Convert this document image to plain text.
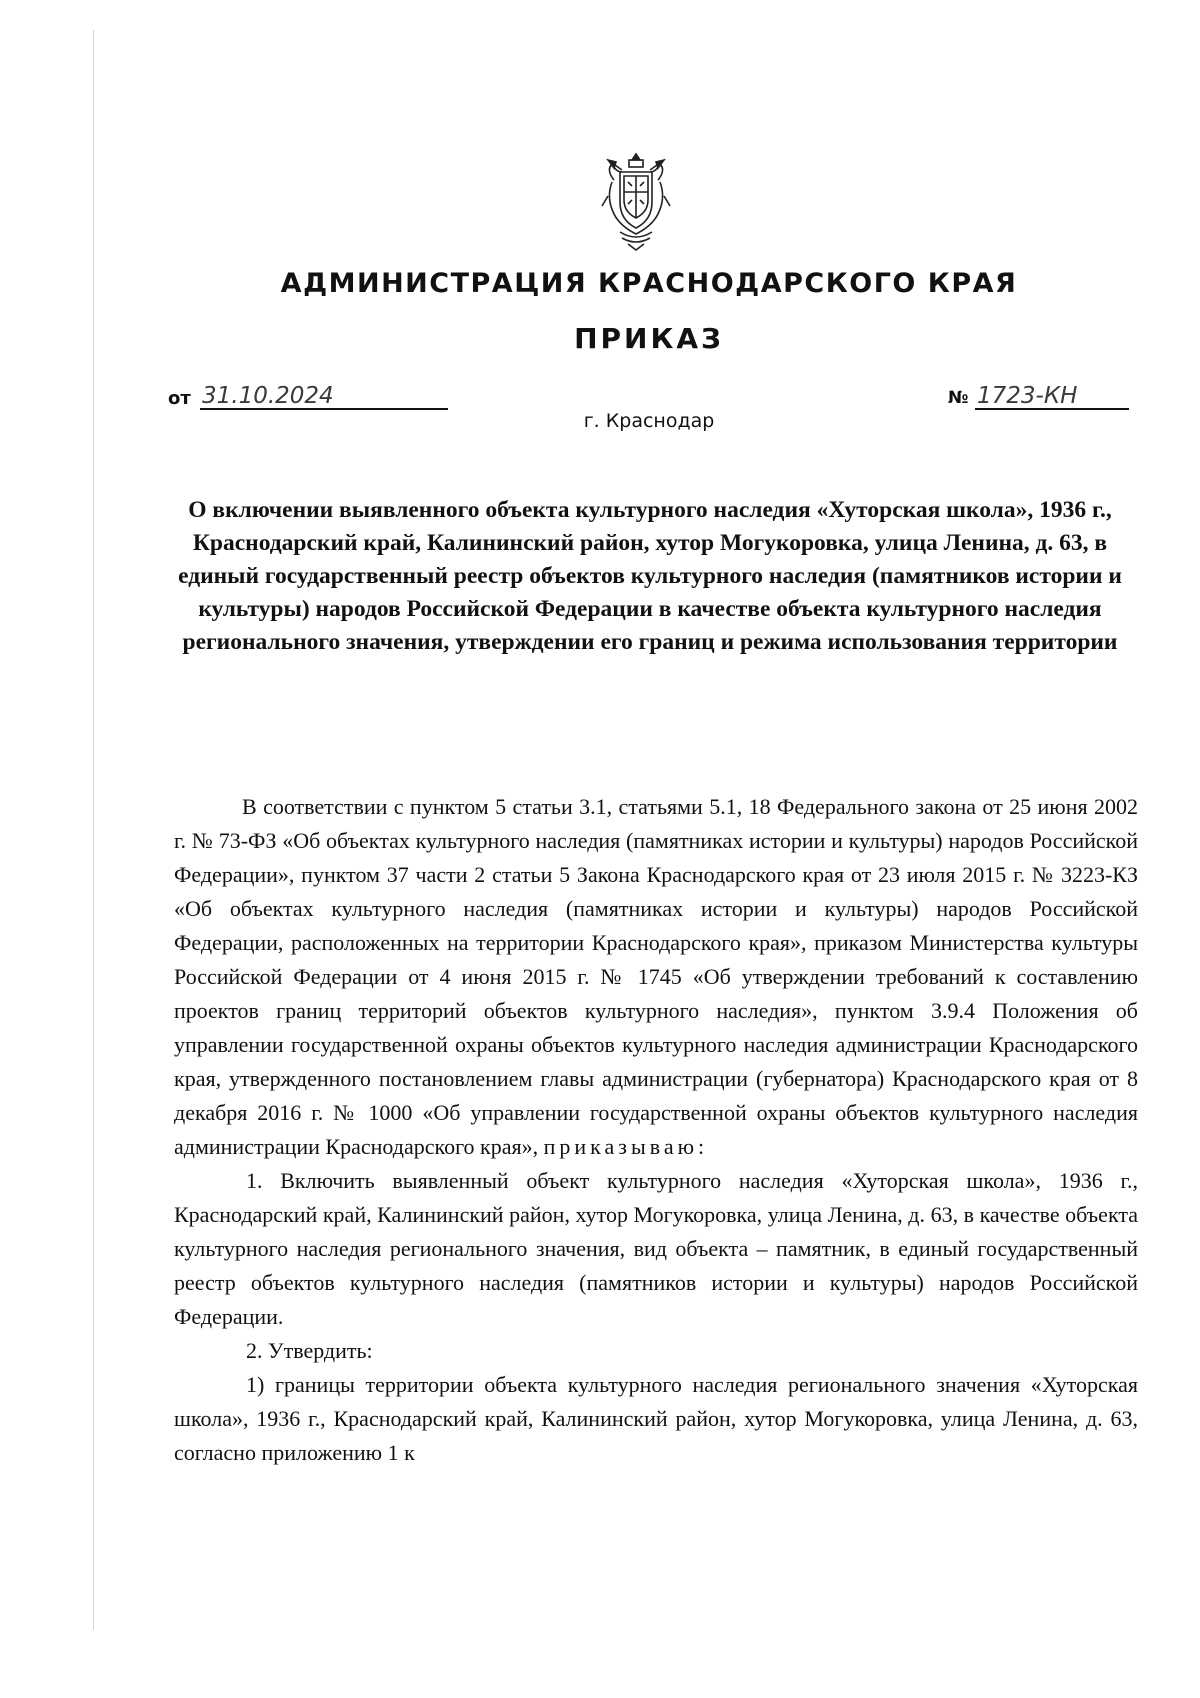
АДМИНИСТРАЦИЯ КРАСНОДАРСКОГО КРАЯ
ПРИКАЗ
от 31.10.2024	№ 1723-КН
г. Краснодар
О включении выявленного объекта культурного наследия «Хуторская школа», 1936 г., Краснодарский край, Калининский район, хутор Могукоровка, улица Ленина, д. 63, в единый государственный реестр объектов культурного наследия (памятников истории и культуры) народов Российской Федерации в качестве объекта культурного наследия регионального значения, утверждении его границ и режима использования территории

В соответствии с пунктом 5 статьи 3.1, статьями 5.1, 18 Федерального закона от 25 июня 2002 г. № 73-ФЗ «Об объектах культурного наследия (памятниках истории и культуры) народов Российской Федерации», пунктом 37 части 2 статьи 5 Закона Краснодарского края от 23 июля 2015 г. № 3223-КЗ «Об объектах культурного наследия (памятниках истории и культуры) народов Российской Федерации, расположенных на территории Краснодарского края», приказом Министерства культуры Российской Федерации от 4 июня 2015 г. № 1745 «Об утверждении требований к составлению проектов границ территорий объектов культурного наследия», пунктом 3.9.4 Положения об управлении государственной охраны объектов культурного наследия администрации Краснодарского края, утвержденного постановлением главы администрации (губернатора) Краснодарского края от 8 декабря 2016 г. № 1000 «Об управлении государственной охраны объектов культурного наследия администрации Краснодарского края», приказываю:

1. Включить выявленный объект культурного наследия «Хуторская школа», 1936 г., Краснодарский край, Калининский район, хутор Могукоровка, улица Ленина, д. 63, в качестве объекта культурного наследия регионального значения, вид объекта – памятник, в единый государственный реестр объектов культурного наследия (памятников истории и культуры) народов Российской Федерации.

2. Утвердить:

1) границы территории объекта культурного наследия регионального значения «Хуторская школа», 1936 г., Краснодарский край, Калининский район, хутор Могукоровка, улица Ленина, д. 63, согласно приложению 1 к
